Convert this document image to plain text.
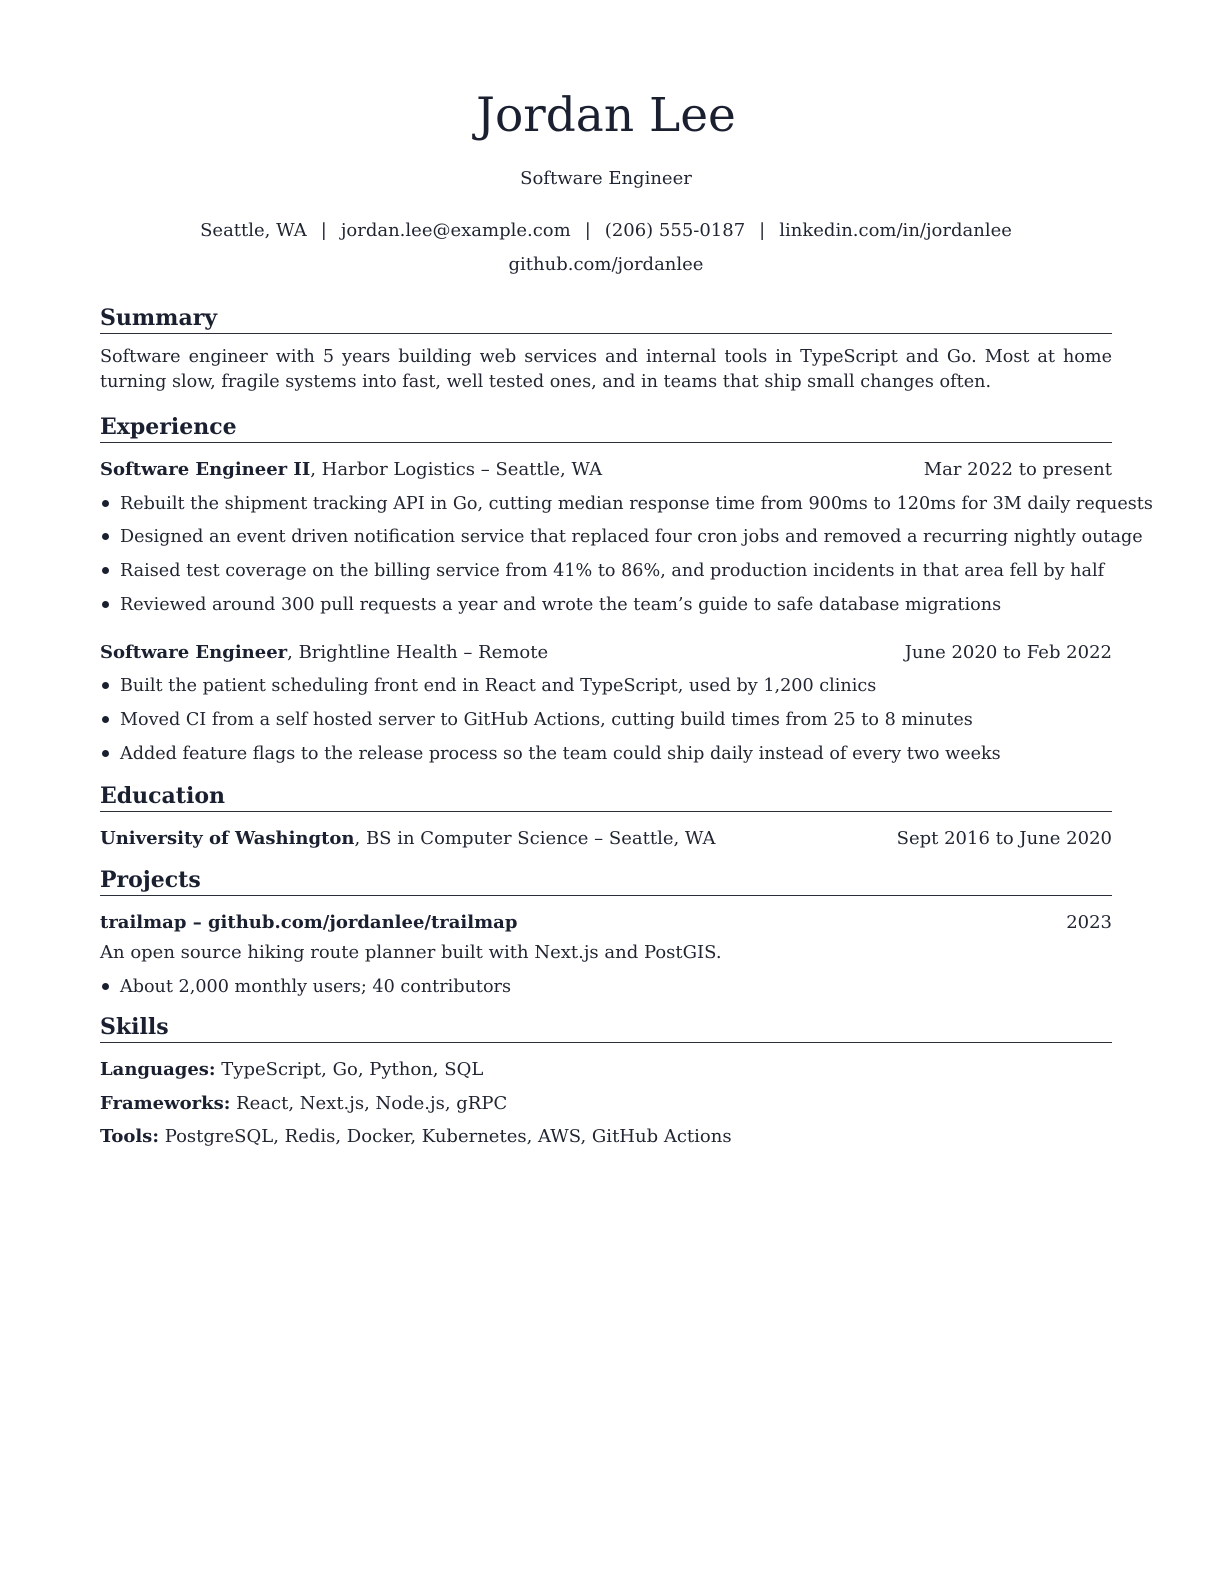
Jordan Lee
Software Engineer
Seattle, WA | jordan.lee@example.com | (206) 555-0187 | linkedin.com/in/jordanlee
github.com/jordanlee
Summary
Software engineer with 5 years building web services and internal tools in TypeScript and Go. Most at home turning slow, fragile systems into fast, well tested ones, and in teams that ship small changes often.
Experience
Software Engineer II, Harbor Logistics – Seattle, WA	Mar 2022 to present
Rebuilt the shipment tracking API in Go, cutting median response time from 900ms to 120ms for 3M daily requests
Designed an event driven notification service that replaced four cron jobs and removed a recurring nightly outage
Raised test coverage on the billing service from 41% to 86%, and production incidents in that area fell by half
Reviewed around 300 pull requests a year and wrote the team’s guide to safe database migrations
Software Engineer, Brightline Health – Remote	June 2020 to Feb 2022
Built the patient scheduling front end in React and TypeScript, used by 1,200 clinics
Moved CI from a self hosted server to GitHub Actions, cutting build times from 25 to 8 minutes
Added feature flags to the release process so the team could ship daily instead of every two weeks
Education
University of Washington, BS in Computer Science – Seattle, WA	Sept 2016 to June 2020
Projects
trailmap – github.com/jordanlee/trailmap	2023
An open source hiking route planner built with Next.js and PostGIS.
About 2,000 monthly users; 40 contributors
Skills
Languages: TypeScript, Go, Python, SQL
Frameworks: React, Next.js, Node.js, gRPC
Tools: PostgreSQL, Redis, Docker, Kubernetes, AWS, GitHub Actions
